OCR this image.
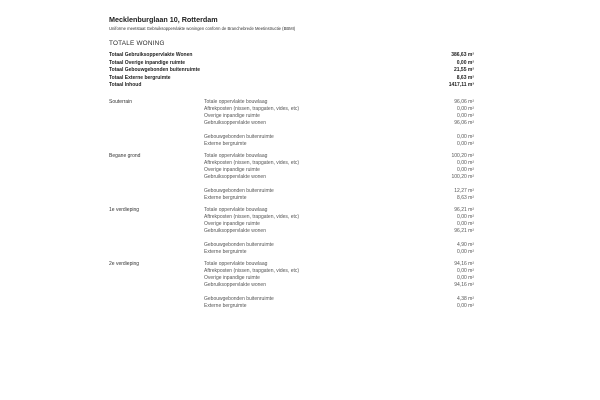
Mecklenburglaan 10, Rotterdam
Uniforme meetstaat Gebruiksoppervlakte woningen conform de Branchebrede Meetinstructie (BBMI)
TOTALE WONING
Totaal Gebruiksoppervlakte Wonen	386,63 m²
Totaal Overige inpandige ruimte	0,00 m²
Totaal Gebouwgebonden buitenruimte	21,55 m²
Totaal Externe bergruimte	8,63 m²
Totaal Inhoud	1417,11 m³
Souterrain	Totale oppervlakte bouwlaag	96,06 m²
Aftrekposten (nissen, trapgaten, vides, etc)	0,00 m²
Overige inpandige ruimte	0,00 m²
Gebruiksoppervlakte wonen	96,06 m²
Gebouwgebonden buitenruimte	0,00 m²
Externe bergruimte	0,00 m²
Begane grond	Totale oppervlakte bouwlaag	100,20 m²
Aftrekposten (nissen, trapgaten, vides, etc)	0,00 m²
Overige inpandige ruimte	0,00 m²
Gebruiksoppervlakte wonen	100,20 m²
Gebouwgebonden buitenruimte	12,27 m²
Externe bergruimte	8,63 m²
1e verdieping	Totale oppervlakte bouwlaag	96,21 m²
Aftrekposten (nissen, trapgaten, vides, etc)	0,00 m²
Overige inpandige ruimte	0,00 m²
Gebruiksoppervlakte wonen	96,21 m²
Gebouwgebonden buitenruimte	4,90 m²
Externe bergruimte	0,00 m²
2e verdieping	Totale oppervlakte bouwlaag	94,16 m²
Aftrekposten (nissen, trapgaten, vides, etc)	0,00 m²
Overige inpandige ruimte	0,00 m²
Gebruiksoppervlakte wonen	94,16 m²
Gebouwgebonden buitenruimte	4,38 m²
Externe bergruimte	0,00 m²
